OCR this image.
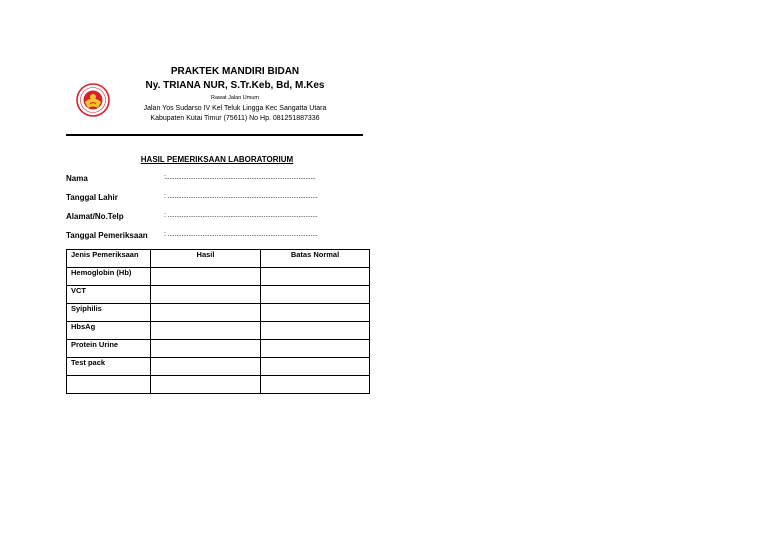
PRAKTEK MANDIRI BIDAN
Ny. TRIANA NUR, S.Tr.Keb, Bd, M.Kes
Rawat Jalan Umum
Jalan Yos Sudarso IV Kel Teluk Lingga Kec Sangatta Utara
Kabupaten Kutai Timur (75611) No Hp. 081251887336
HASIL PEMERIKSAAN LABORATORIUM
Nama	:......................................................................................
Tanggal Lahir	: ......................................................................................
Alamat/No.Telp	: ......................................................................................
Tanggal Pemeriksaan : ......................................................................................
Jenis Pemeriksaan	Hasil	Batas Normal
Hemoglobin (Hb)		
VCT		
Syiphilis		
HbsAg		
Protein Urine		
Test pack		
